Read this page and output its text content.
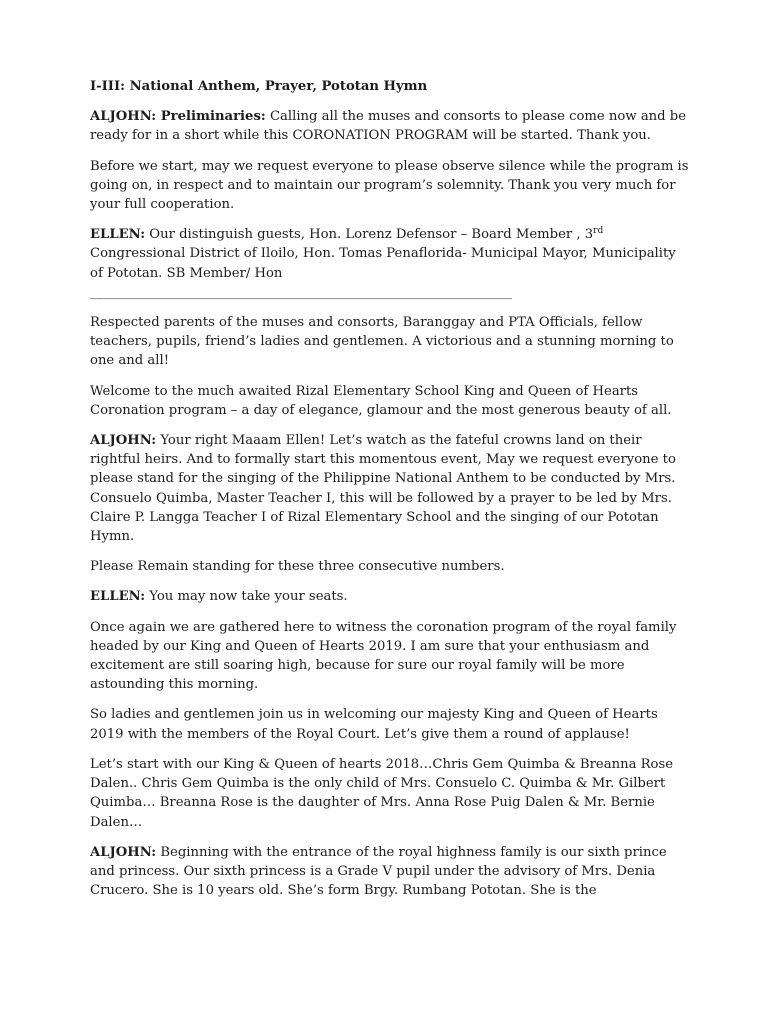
I-III: National Anthem, Prayer, Pototan Hymn

ALJOHN: Preliminaries: Calling all the muses and consorts to please come now and be ready for in a short while this CORONATION PROGRAM will be started. Thank you.

Before we start, may we request everyone to please observe silence while the program is going on, in respect and to maintain our program’s solemnity. Thank you very much for your full cooperation.

ELLEN: Our distinguish guests, Hon. Lorenz Defensor – Board Member , 3rd Congressional District of Iloilo, Hon. Tomas Penaflorida- Municipal Mayor, Municipality of Pototan. SB Member/ Hon
________________________________________________________________

Respected parents of the muses and consorts, Baranggay and PTA Officials, fellow teachers, pupils, friend’s ladies and gentlemen. A victorious and a stunning morning to one and all!

Welcome to the much awaited Rizal Elementary School King and Queen of Hearts Coronation program – a day of elegance, glamour and the most generous beauty of all.

ALJOHN: Your right Maaam Ellen! Let’s watch as the fateful crowns land on their rightful heirs. And to formally start this momentous event, May we request everyone to please stand for the singing of the Philippine National Anthem to be conducted by Mrs. Consuelo Quimba, Master Teacher I, this will be followed by a prayer to be led by Mrs. Claire P. Langga Teacher I of Rizal Elementary School and the singing of our Pototan Hymn.

Please Remain standing for these three consecutive numbers.

ELLEN: You may now take your seats.

Once again we are gathered here to witness the coronation program of the royal family headed by our King and Queen of Hearts 2019. I am sure that your enthusiasm and excitement are still soaring high, because for sure our royal family will be more astounding this morning.

So ladies and gentlemen join us in welcoming our majesty King and Queen of Hearts 2019 with the members of the Royal Court. Let’s give them a round of applause!

Let’s start with our King & Queen of hearts 2018…Chris Gem Quimba & Breanna Rose Dalen.. Chris Gem Quimba is the only child of Mrs. Consuelo C. Quimba & Mr. Gilbert Quimba… Breanna Rose is the daughter of Mrs. Anna Rose Puig Dalen & Mr. Bernie Dalen…

ALJOHN: Beginning with the entrance of the royal highness family is our sixth prince and princess. Our sixth princess is a Grade V pupil under the advisory of Mrs. Denia Crucero. She is 10 years old. She’s form Brgy. Rumbang Pototan. She is the
